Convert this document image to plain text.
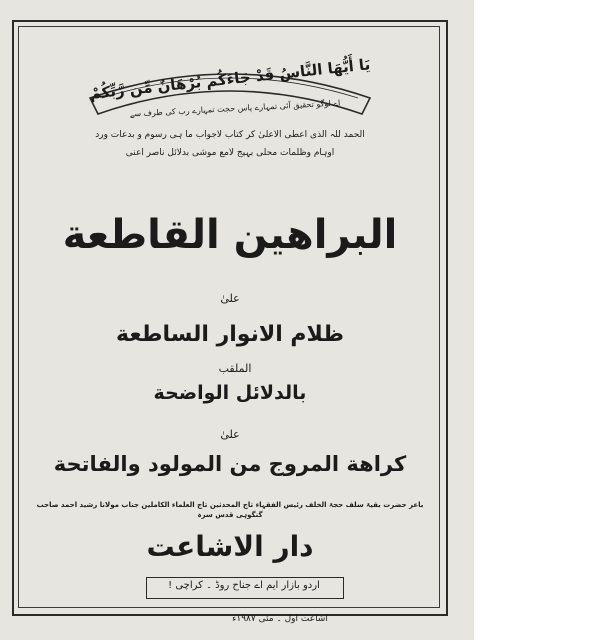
يَا أَيُّهَا النَّاسُ قَدْ جَاءَكُم بُرْهَانٌ مِّن رَّبِّكُمْ
اے لوگو تحقیق آئی تمہارے پاس حجت تمہارے رب کی طرف سے
الحمد للہ الذی اعطی الاعلیٰ کر کتاب لاجواب ما ہی رسوم و بدعات ورد
اوہام وظلمات محلی بہیج لامع موشی بدلائل ناصر اعنی
البراهين القاطعة
علیٰ
ظلام الانوار الساطعة
الملقب
بالدلائل الواضحة
علیٰ
کراهة المروج من المولود والفاتحة
باعر حضرت بقیۃ سلف حجۃ الخلف رئیس الفقہاء تاج المحدثین تاج العلماء الکاملین جناب مولانا رشید احمد صاحب گنگوہی قدس سرہ
دار الاشاعت
اردو بازار ایم اے جناح روڈ ۔ کراچی !
اشاعت اول ۔ مئی ۱۹۸۷ء
